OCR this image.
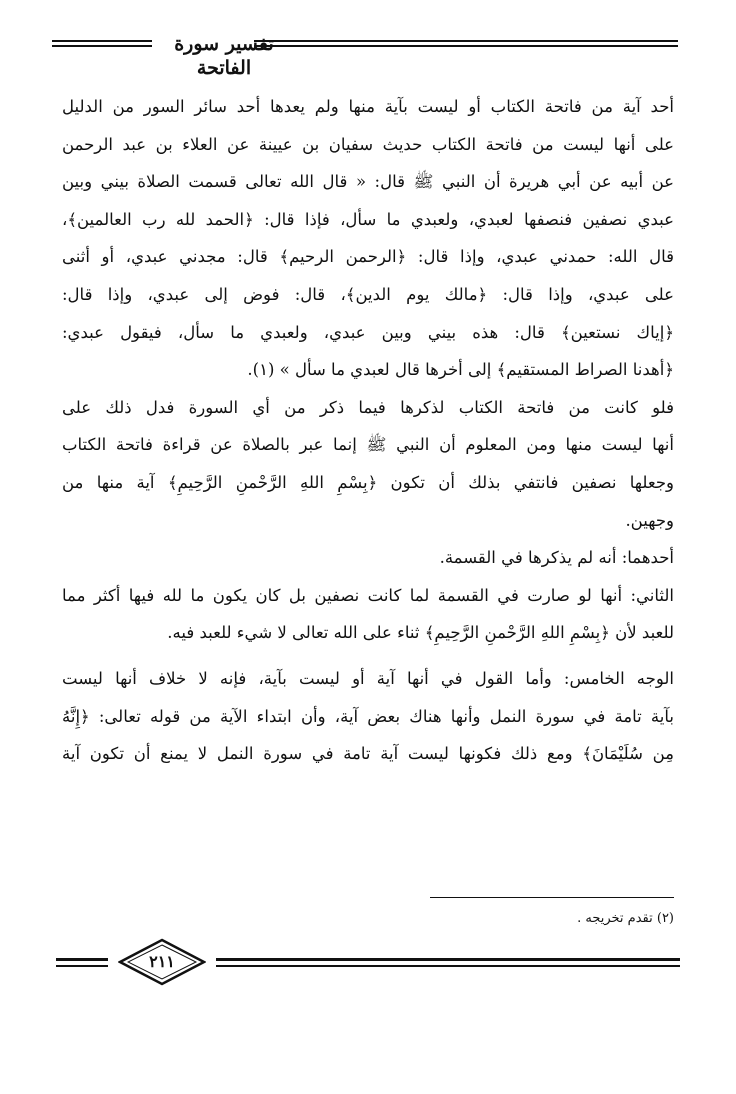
تفسير سورة الفاتحة
أحد آية من فاتحة الكتاب أو ليست بآية منها ولم يعدها أحد سائر السور من الدليل
على أنها ليست من فاتحة الكتاب حديث سفيان بن عيينة عن العلاء بن عبد الرحمن
عن أبيه عن أبي هريرة أن النبي ﷺ قال: « قال الله تعالى قسمت الصلاة بيني وبين
عبدي نصفين فنصفها لعبدي، ولعبدي ما سأل، فإذا قال: ﴿الحمد لله رب العالمين﴾،
قال الله: حمدني عبدي، وإذا قال: ﴿الرحمن الرحيم﴾ قال: مجدني عبدي، أو أثنى
على عبدي، وإذا قال: ﴿مالك يوم الدين﴾، قال: فوض إلى عبدي، وإذا قال:
﴿إياك نستعين﴾ قال: هذه بيني وبين عبدي، ولعبدي ما سأل، فيقول عبدي:
﴿أهدنا الصراط المستقيم﴾ إلى أخرها قال لعبدي ما سأل » (١).
فلو كانت من فاتحة الكتاب لذكرها فيما ذكر من أي السورة فدل ذلك على
أنها ليست منها ومن المعلوم أن النبي ﷺ إنما عبر بالصلاة عن قراءة فاتحة الكتاب
وجعلها نصفين فانتفي بذلك أن تكون ﴿بِسْمِ اللهِ الرَّحْمنِ الرَّحِيمِ﴾ آية منها من
وجهين.
أحدهما: أنه لم يذكرها في القسمة.
الثاني: أنها لو صارت في القسمة لما كانت نصفين بل كان يكون ما لله فيها أكثر مما
للعبد لأن ﴿بِسْمِ اللهِ الرَّحْمنِ الرَّحِيمِ﴾ ثناء على الله تعالى لا شيء للعبد فيه.
الوجه الخامس: وأما القول في أنها آية أو ليست بآية، فإنه لا خلاف أنها ليست
بآية تامة في سورة النمل وأنها هناك بعض آية، وأن ابتداء الآية من قوله تعالى: ﴿إِنَّهُ
مِن سُلَيْمَانَ﴾ ومع ذلك فكونها ليست آية تامة في سورة النمل لا يمنع أن تكون آية
(٢) تقدم تخريجه .
٢١١
